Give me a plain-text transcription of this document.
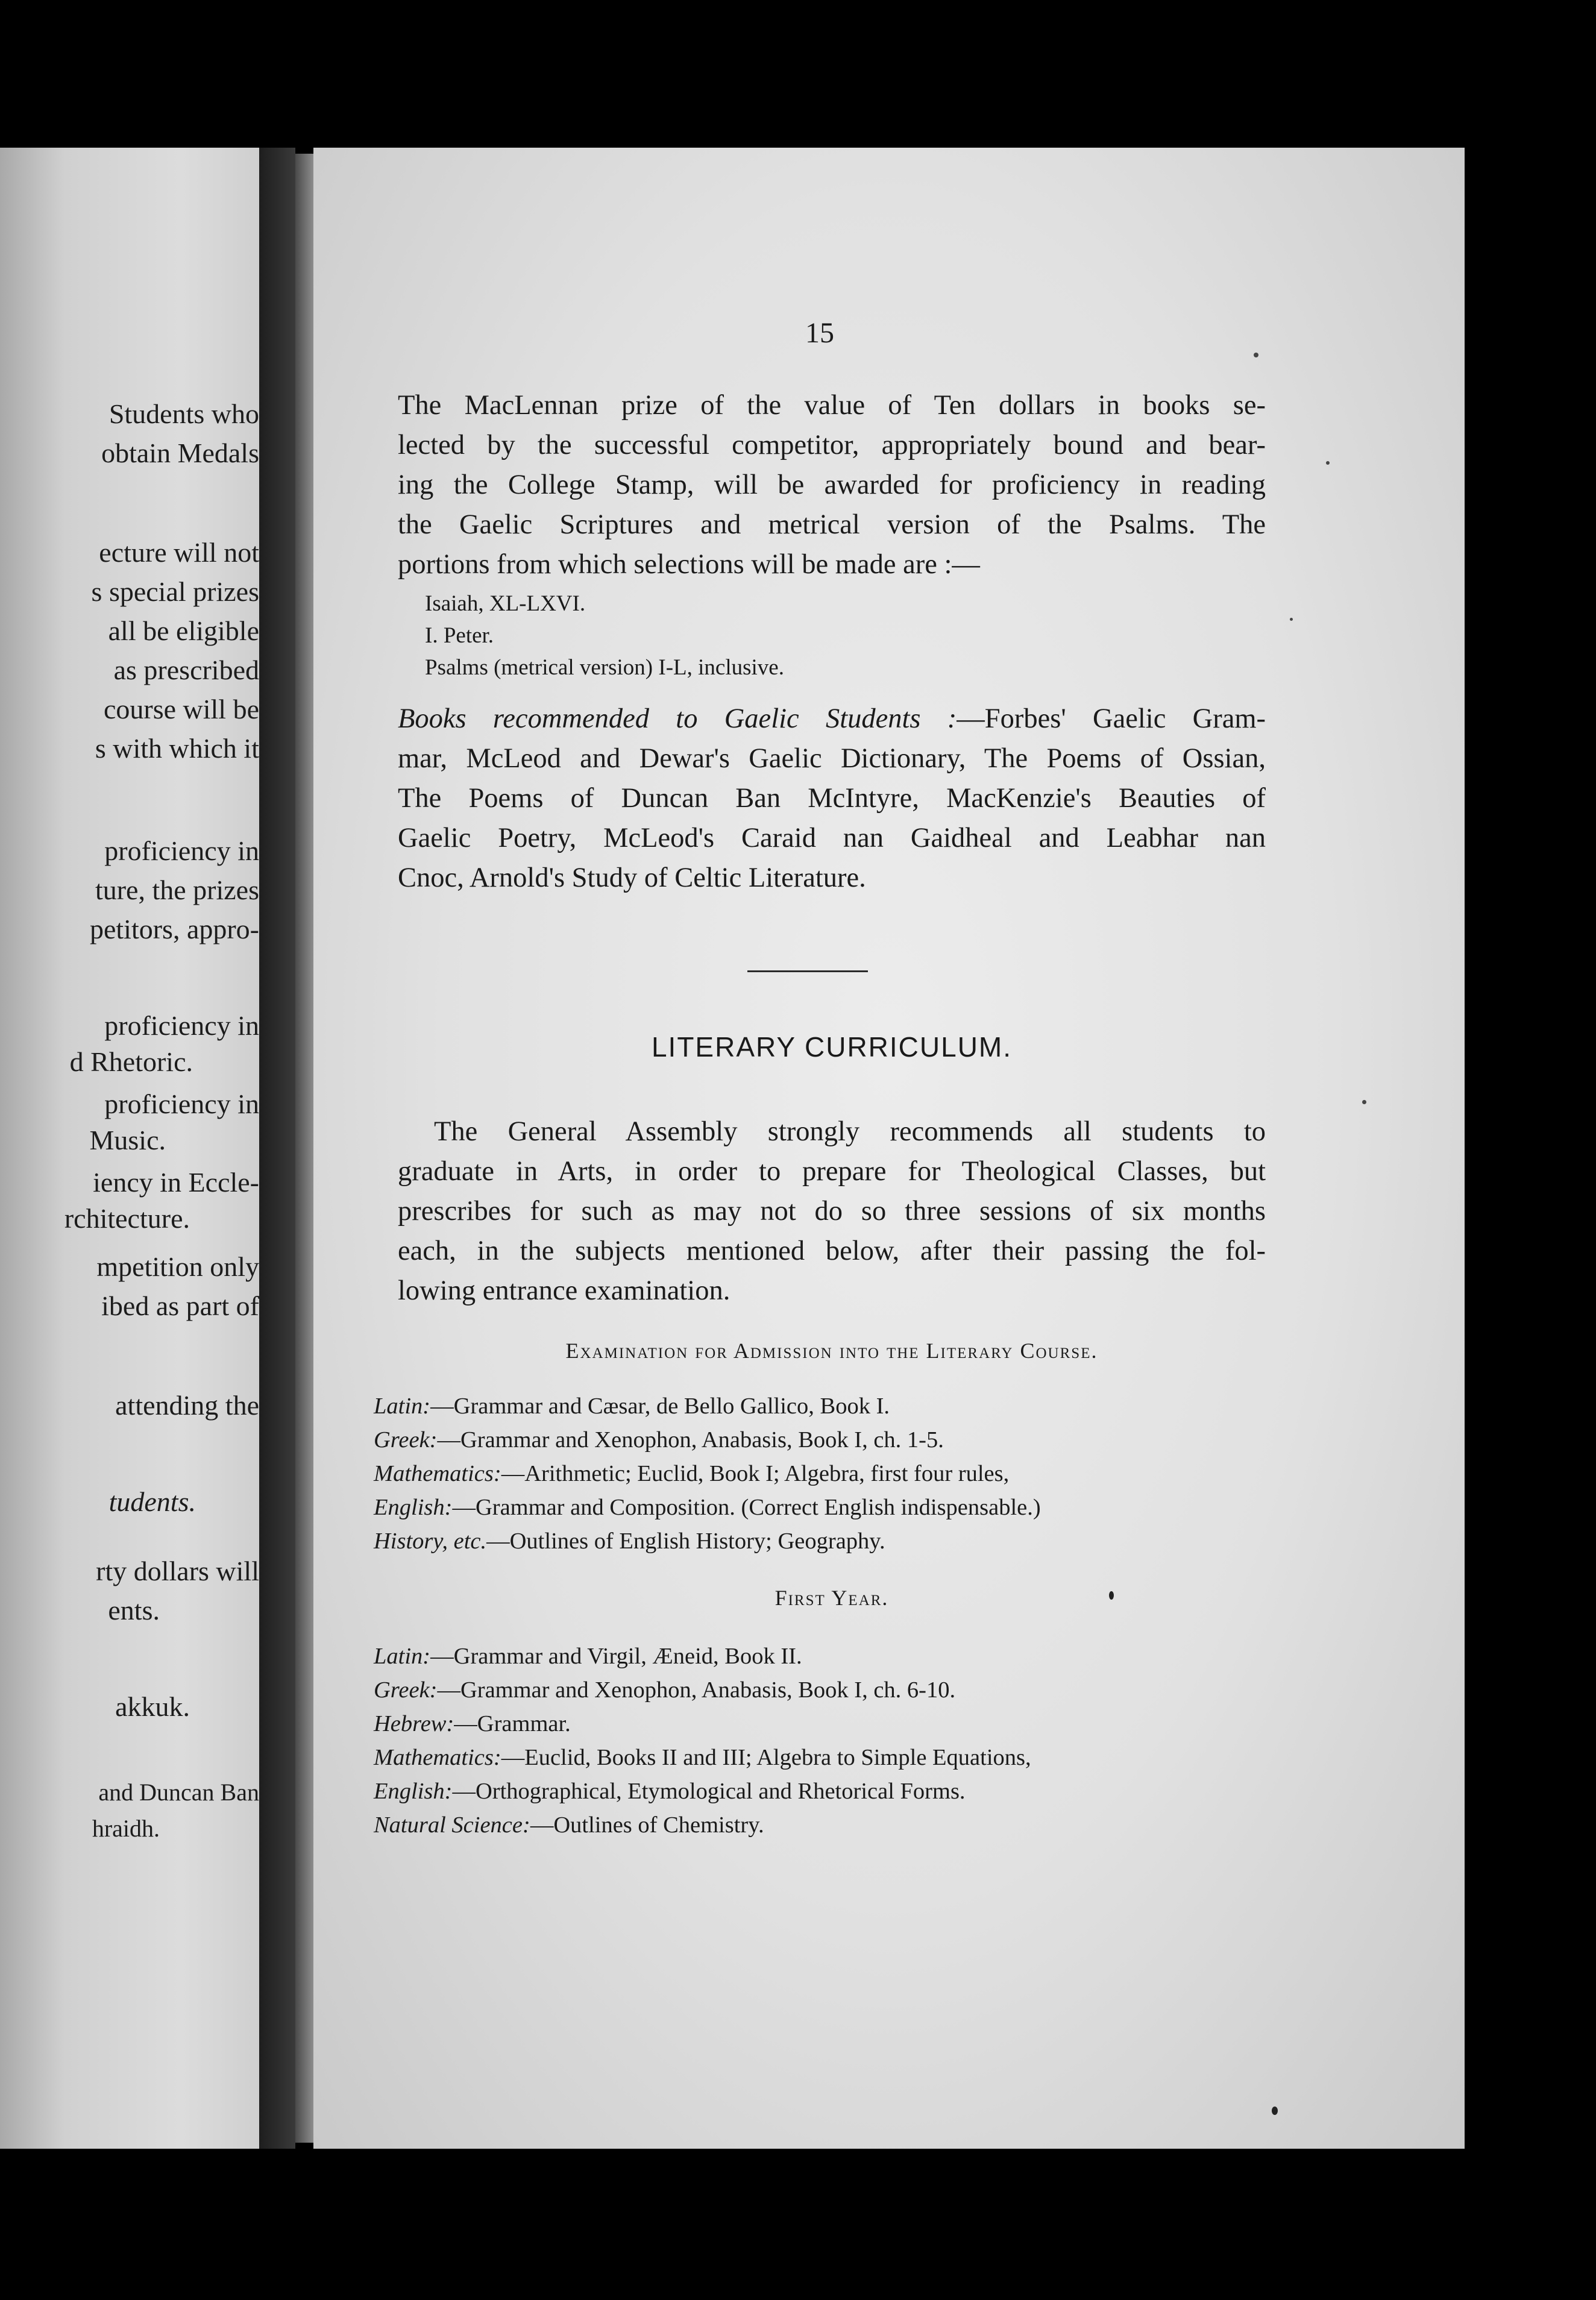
Students who
obtain Medals
ecture will not
s special prizes
all be eligible
as prescribed
course will be
s with which it
proficiency in
ture, the prizes
petitors, appro-
proficiency in
d Rhetoric.
proficiency in
Music.
iency in Eccle-
rchitecture.
mpetition only
ibed as part of
attending the
tudents.
rty dollars will
ents.
akkuk.
and Duncan Ban
hraidh.
15
The MacLennan prize of the value of Ten dollars in books se-
lected by the successful competitor, appropriately bound and bear-
ing the College Stamp, will be awarded for proficiency in reading
the Gaelic Scriptures and metrical version of the Psalms. The
portions from which selections will be made are :—
Isaiah, XL-LXVI.
I. Peter.
Psalms (metrical version) I-L, inclusive.
Books recommended to Gaelic Students :—Forbes' Gaelic Gram-
mar, McLeod and Dewar's Gaelic Dictionary, The Poems of Ossian,
The Poems of Duncan Ban McIntyre, MacKenzie's Beauties of
Gaelic Poetry, McLeod's Caraid nan Gaidheal and Leabhar nan
Cnoc, Arnold's Study of Celtic Literature.
LITERARY CURRICULUM.
The General Assembly strongly recommends all students to
graduate in Arts, in order to prepare for Theological Classes, but
prescribes for such as may not do so three sessions of six months
each, in the subjects mentioned below, after their passing the fol-
lowing entrance examination.
Examination for Admission into the Literary Course.
Latin:—Grammar and Cæsar, de Bello Gallico, Book I.
Greek:—Grammar and Xenophon, Anabasis, Book I, ch. 1-5.
Mathematics:—Arithmetic; Euclid, Book I; Algebra, first four rules,
English:—Grammar and Composition. (Correct English indispensable.)
History, etc.—Outlines of English History; Geography.
First Year.
Latin:—Grammar and Virgil, Æneid, Book II.
Greek:—Grammar and Xenophon, Anabasis, Book I, ch. 6-10.
Hebrew:—Grammar.
Mathematics:—Euclid, Books II and III; Algebra to Simple Equations,
English:—Orthographical, Etymological and Rhetorical Forms.
Natural Science:—Outlines of Chemistry.
